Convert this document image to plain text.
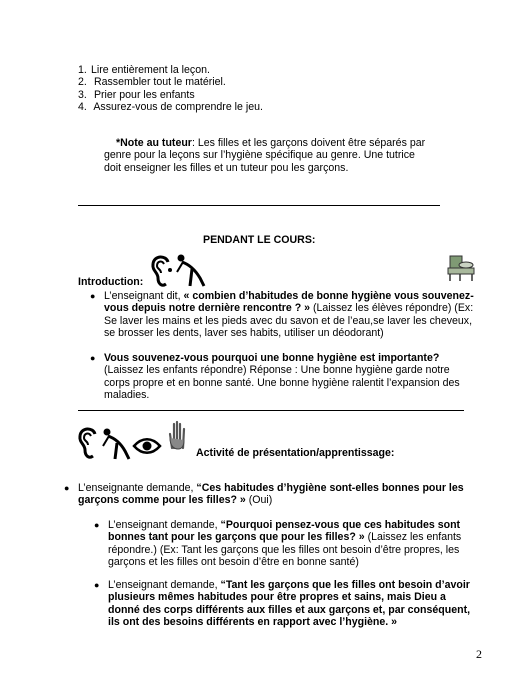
1. Lire entièrement la leçon.
2. Rassembler tout le matériel.
3. Prier pour les enfants
4. Assurez-vous de comprendre le jeu.

*Note au tuteur: Les filles et les garçons doivent être séparés par genre pour la leçons sur l’hygiène spécifique au genre. Une tutrice doit enseigner les filles et un tuteur pou les garçons.

PENDANT LE COURS:
Introduction:
● L’enseignant dit, « combien d’habitudes de bonne hygiène vous souvenez-vous depuis notre dernière rencontre ? » (Laissez les élèves répondre) (Ex: Se laver les mains et les pieds avec du savon et de l’eau,se laver les cheveux, se brosser les dents, laver ses habits, utiliser un déodorant)

● Vous souvenez-vous pourquoi une bonne hygiène est importante? (Laissez les enfants répondre) Réponse : Une bonne hygiène garde notre corps propre et en bonne santé. Une bonne hygiène ralentit l’expansion des maladies.

Activité de présentation/apprentissage:
● L’enseignante demande, “Ces habitudes d’hygiène sont-elles bonnes pour les garçons comme pour les filles? » (Oui)

● L’enseignant demande, “Pourquoi pensez-vous que ces habitudes sont bonnes tant pour les garçons que pour les filles? » (Laissez les enfants répondre.) (Ex: Tant les garçons que les filles ont besoin d’être propres, les garçons et les filles ont besoin d’être en bonne santé)

● L’enseignant demande, “Tant les garçons que les filles ont besoin d’avoir plusieurs mêmes habitudes pour être propres et sains, mais Dieu a donné des corps différents aux filles et aux garçons et, par conséquent, ils ont des besoins différents en rapport avec l’hygiène. »

2
